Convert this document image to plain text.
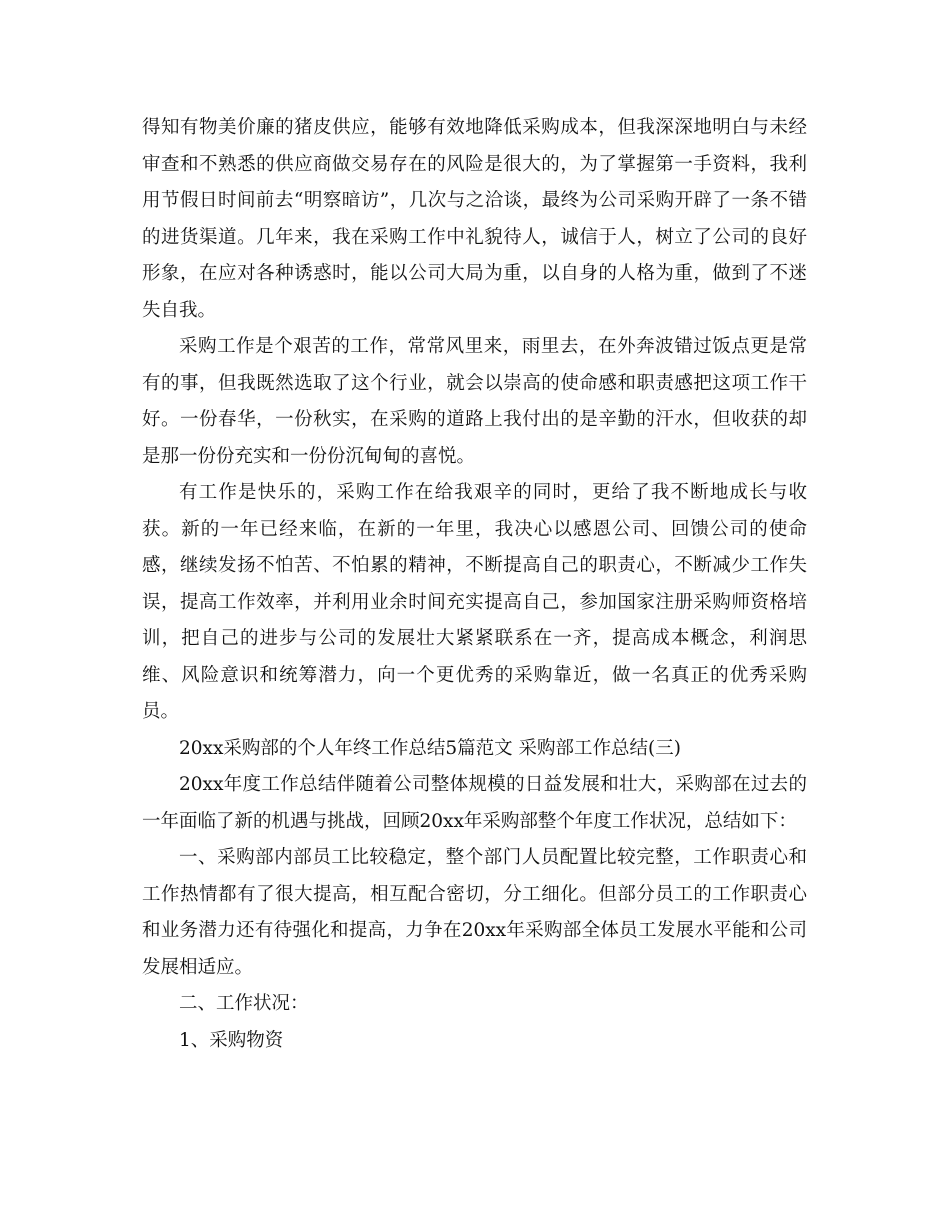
得知有物美价廉的猪皮供应，能够有效地降低采购成本，但我深深地明白与未经审查和不熟悉的供应商做交易存在的风险是很大的，为了掌握第一手资料，我利用节假日时间前去“明察暗访”，几次与之洽谈，最终为公司采购开辟了一条不错的进货渠道。几年来，我在采购工作中礼貌待人，诚信于人，树立了公司的良好形象，在应对各种诱惑时，能以公司大局为重，以自身的人格为重，做到了不迷失自我。

采购工作是个艰苦的工作，常常风里来，雨里去，在外奔波错过饭点更是常有的事，但我既然选取了这个行业，就会以崇高的使命感和职责感把这项工作干好。一份春华，一份秋实，在采购的道路上我付出的是辛勤的汗水，但收获的却是那一份份充实和一份份沉甸甸的喜悦。

有工作是快乐的，采购工作在给我艰辛的同时，更给了我不断地成长与收获。新的一年已经来临，在新的一年里，我决心以感恩公司、回馈公司的使命感，继续发扬不怕苦、不怕累的精神，不断提高自己的职责心，不断减少工作失误，提高工作效率，并利用业余时间充实提高自己，参加国家注册采购师资格培训，把自己的进步与公司的发展壮大紧紧联系在一齐，提高成本概念，利润思维、风险意识和统筹潜力，向一个更优秀的采购靠近，做一名真正的优秀采购员。

20xx采购部的个人年终工作总结5篇范文 采购部工作总结(三)

20xx年度工作总结伴随着公司整体规模的日益发展和壮大，采购部在过去的一年面临了新的机遇与挑战，回顾20xx年采购部整个年度工作状况，总结如下：

一、采购部内部员工比较稳定，整个部门人员配置比较完整，工作职责心和工作热情都有了很大提高，相互配合密切，分工细化。但部分员工的工作职责心和业务潜力还有待强化和提高，力争在20xx年采购部全体员工发展水平能和公司发展相适应。

二、工作状况：

1、采购物资
